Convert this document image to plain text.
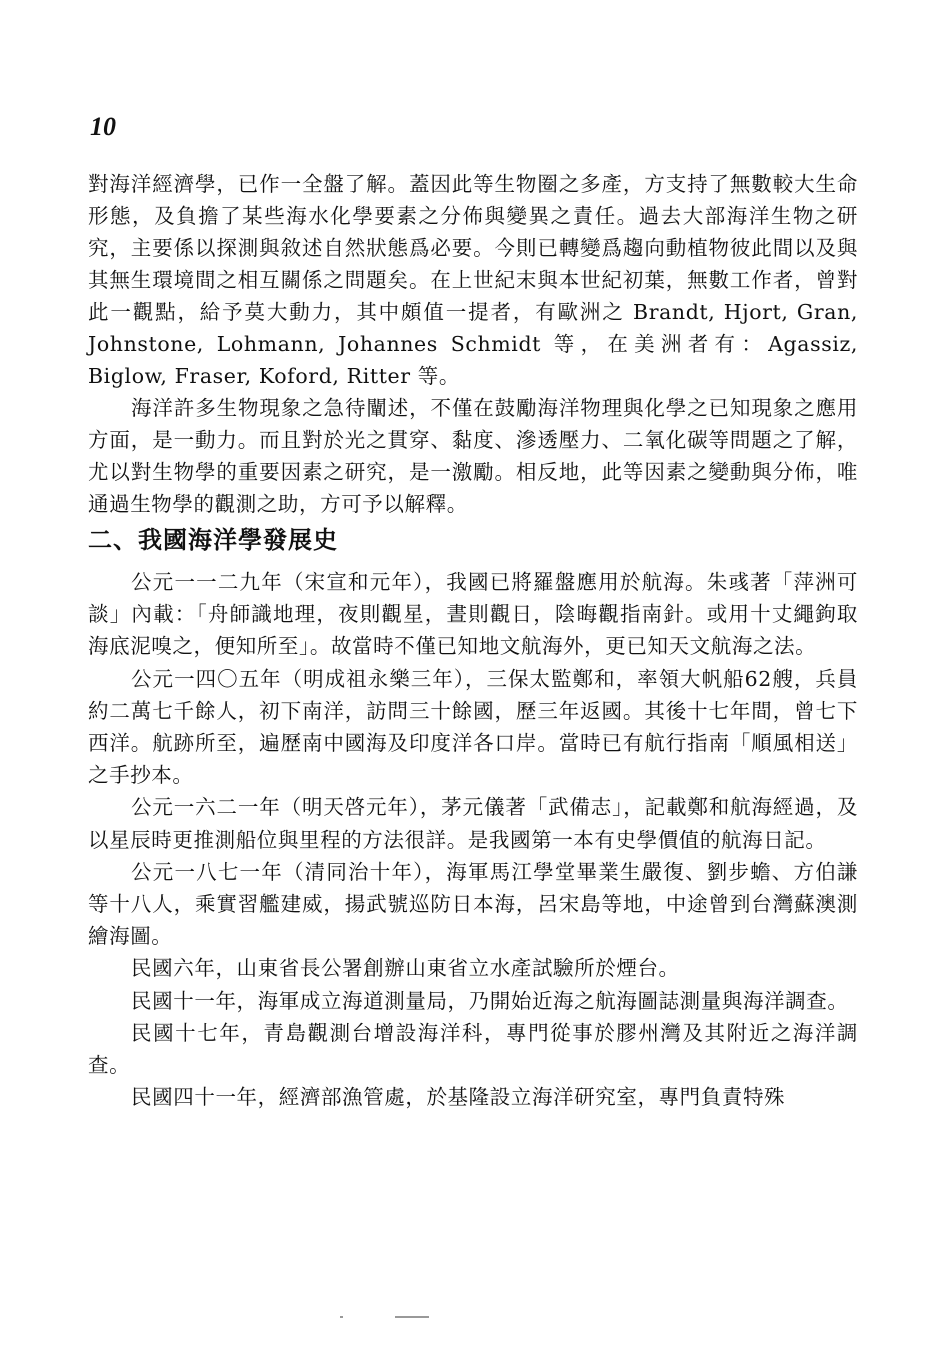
10

對海洋經濟學，已作一全盤了解。蓋因此等生物圈之多產，方支持了無數較大生命形態，及負擔了某些海水化學要素之分佈與變異之責任。過去大部海洋生物之研究，主要係以探測與敘述自然狀態爲必要。今則已轉變爲趨向動植物彼此間以及與其無生環境間之相互關係之問題矣。在上世紀末與本世紀初葉，無數工作者，曾對此一觀點，給予莫大動力，其中頗值一提者，有歐洲之 Brandt, Hjort, Gran, Johnstone, Lohmann, Johannes Schmidt 等，在美洲者有：Agassiz, Biglow, Fraser, Koford, Ritter 等。

海洋許多生物現象之急待闡述，不僅在鼓勵海洋物理與化學之已知現象之應用方面，是一動力。而且對於光之貫穿、黏度、滲透壓力、二氧化碳等問題之了解，尤以對生物學的重要因素之研究，是一激勵。相反地，此等因素之變動與分佈，唯通過生物學的觀測之助，方可予以解釋。

二、我國海洋學發展史

公元一一二九年（宋宣和元年），我國已將羅盤應用於航海。朱彧著「萍洲可談」內載：「舟師識地理，夜則觀星，晝則觀日，陰晦觀指南針。或用十丈繩鉤取海底泥嗅之，便知所至」。故當時不僅已知地文航海外，更已知天文航海之法。

公元一四〇五年（明成祖永樂三年），三保太監鄭和，率領大帆船62艘，兵員約二萬七千餘人，初下南洋，訪問三十餘國，歷三年返國。其後十七年間，曾七下西洋。航跡所至，遍歷南中國海及印度洋各口岸。當時已有航行指南「順風相送」之手抄本。

公元一六二一年（明天啓元年），茅元儀著「武備志」，記載鄭和航海經過，及以星辰時更推測船位與里程的方法很詳。是我國第一本有史學價值的航海日記。

公元一八七一年（清同治十年），海軍馬江學堂畢業生嚴復、劉步蟾、方伯謙等十八人，乘實習艦建威，揚武號巡防日本海，呂宋島等地，中途曾到台灣蘇澳測繪海圖。

民國六年，山東省長公署創辦山東省立水產試驗所於煙台。

民國十一年，海軍成立海道測量局，乃開始近海之航海圖誌測量與海洋調查。

民國十七年，青島觀測台增設海洋科，專門從事於膠州灣及其附近之海洋調查。

民國四十一年，經濟部漁管處，於基隆設立海洋研究室，專門負責特殊
